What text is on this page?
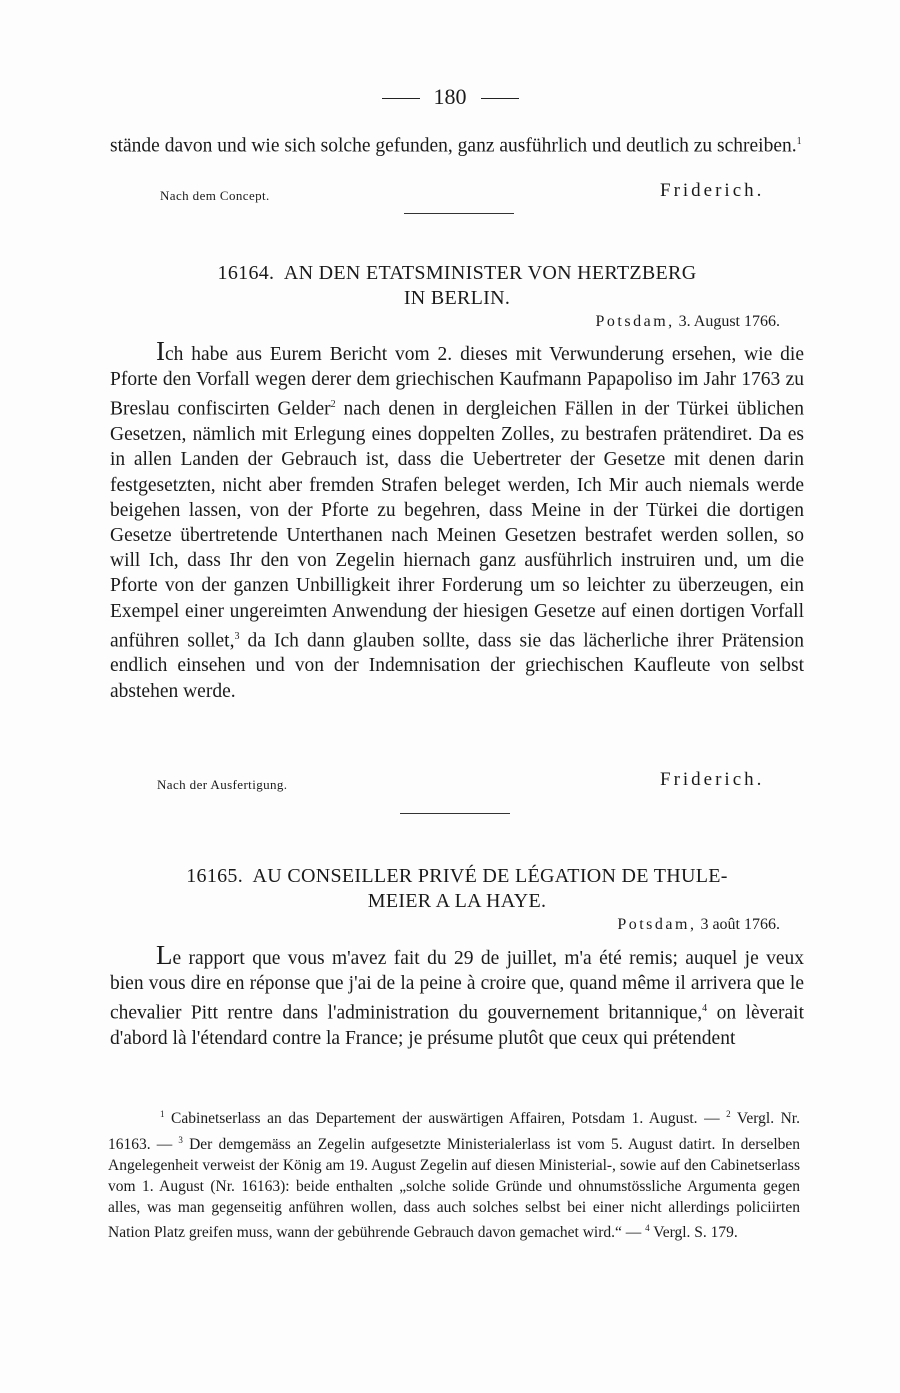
180
stände davon und wie sich solche gefunden, ganz ausführlich und deutlich zu schreiben.$^1$
Nach dem Concept.	Friderich.
16164. AN DEN ETATSMINISTER VON HERTZBERG
IN BERLIN.
Potsdam, 3. August 1766.
Ich habe aus Eurem Bericht vom 2. dieses mit Verwunderung ersehen, wie die Pforte den Vorfall wegen derer dem griechischen Kaufmann Papapoliso im Jahr 1763 zu Breslau confiscirten Gelder$^2$ nach denen in dergleichen Fällen in der Türkei üblichen Gesetzen, nämlich mit Erlegung eines doppelten Zolles, zu bestrafen prätendiret. Da es in allen Landen der Gebrauch ist, dass die Uebertreter der Gesetze mit denen darin festgesetzten, nicht aber fremden Strafen beleget werden, Ich Mir auch niemals werde beigehen lassen, von der Pforte zu begehren, dass Meine in der Türkei die dortigen Gesetze übertretende Unterthanen nach Meinen Gesetzen bestrafet werden sollen, so will Ich, dass Ihr den von Zegelin hiernach ganz ausführlich instruiren und, um die Pforte von der ganzen Unbilligkeit ihrer Forderung um so leichter zu überzeugen, ein Exempel einer ungereimten Anwendung der hiesigen Gesetze auf einen dortigen Vorfall anführen sollet,$^3$ da Ich dann glauben sollte, dass sie das lächerliche ihrer Prätension endlich einsehen und von der Indemnisation der griechischen Kaufleute von selbst abstehen werde.
Nach der Ausfertigung.	Friderich.
16165. AU CONSEILLER PRIVÉ DE LÉGATION DE THULE-
MEIER A LA HAYE.
Potsdam, 3 août 1766.
Le rapport que vous m'avez fait du 29 de juillet, m'a été remis; auquel je veux bien vous dire en réponse que j'ai de la peine à croire que, quand même il arrivera que le chevalier Pitt rentre dans l'administration du gouvernement britannique,$^4$ on lèverait d'abord là l'étendard contre la France; je présume plutôt que ceux qui prétendent
$^1$ Cabinetserlass an das Departement der auswärtigen Affairen, Potsdam 1. August. — $^2$ Vergl. Nr. 16163. — $^3$ Der demgemäss an Zegelin aufgesetzte Ministerialerlass ist vom 5. August datirt. In derselben Angelegenheit verweist der König am 19. August Zegelin auf diesen Ministerial-, sowie auf den Cabinetserlass vom 1. August (Nr. 16163): beide enthalten „solche solide Gründe und ohnumstössliche Argumenta gegen alles, was man gegenseitig anführen wollen, dass auch solches selbst bei einer nicht allerdings policiirten Nation Platz greifen muss, wann der gebührende Gebrauch davon gemachet wird.“ — $^4$ Vergl. S. 179.
